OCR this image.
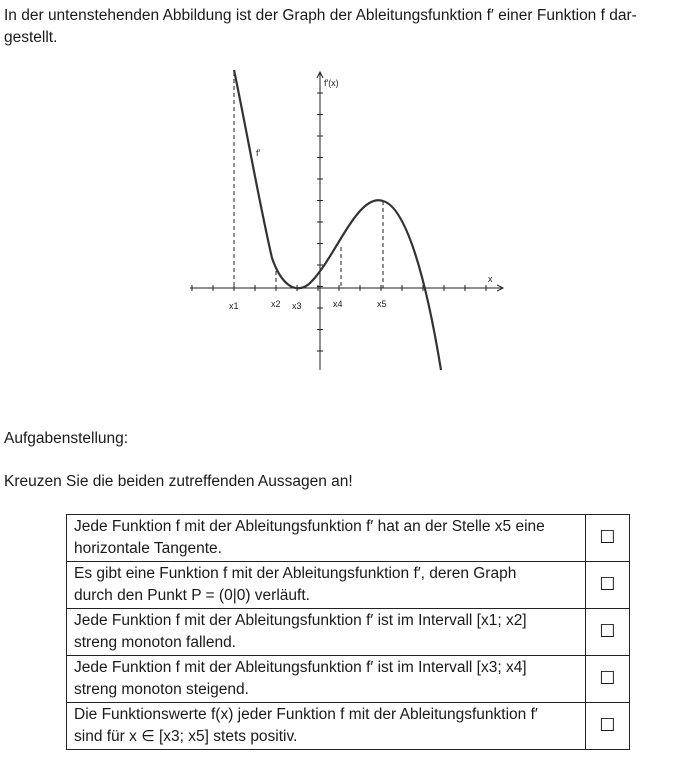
In der untenstehenden Abbildung ist der Graph der Ableitungsfunktion f′ einer Funktion f dar-
gestellt.

f′(x)
x
f′
x1	x2 x3	x4	x5

Aufgabenstellung:

Kreuzen Sie die beiden zutreffenden Aussagen an!

Jede Funktion f mit der Ableitungsfunktion f′ hat an der Stelle x5 eine
horizontale Tangente.	☐

Es gibt eine Funktion f mit der Ableitungsfunktion f′, deren Graph
durch den Punkt P = (0|0) verläuft.	☐

Jede Funktion f mit der Ableitungsfunktion f′ ist im Intervall [x1; x2]
streng monoton fallend.	☐

Jede Funktion f mit der Ableitungsfunktion f′ ist im Intervall [x3; x4]
streng monoton steigend.	☐

Die Funktionswerte f(x) jeder Funktion f mit der Ableitungsfunktion f′
sind für x ∈ [x3; x5] stets positiv.	☐
